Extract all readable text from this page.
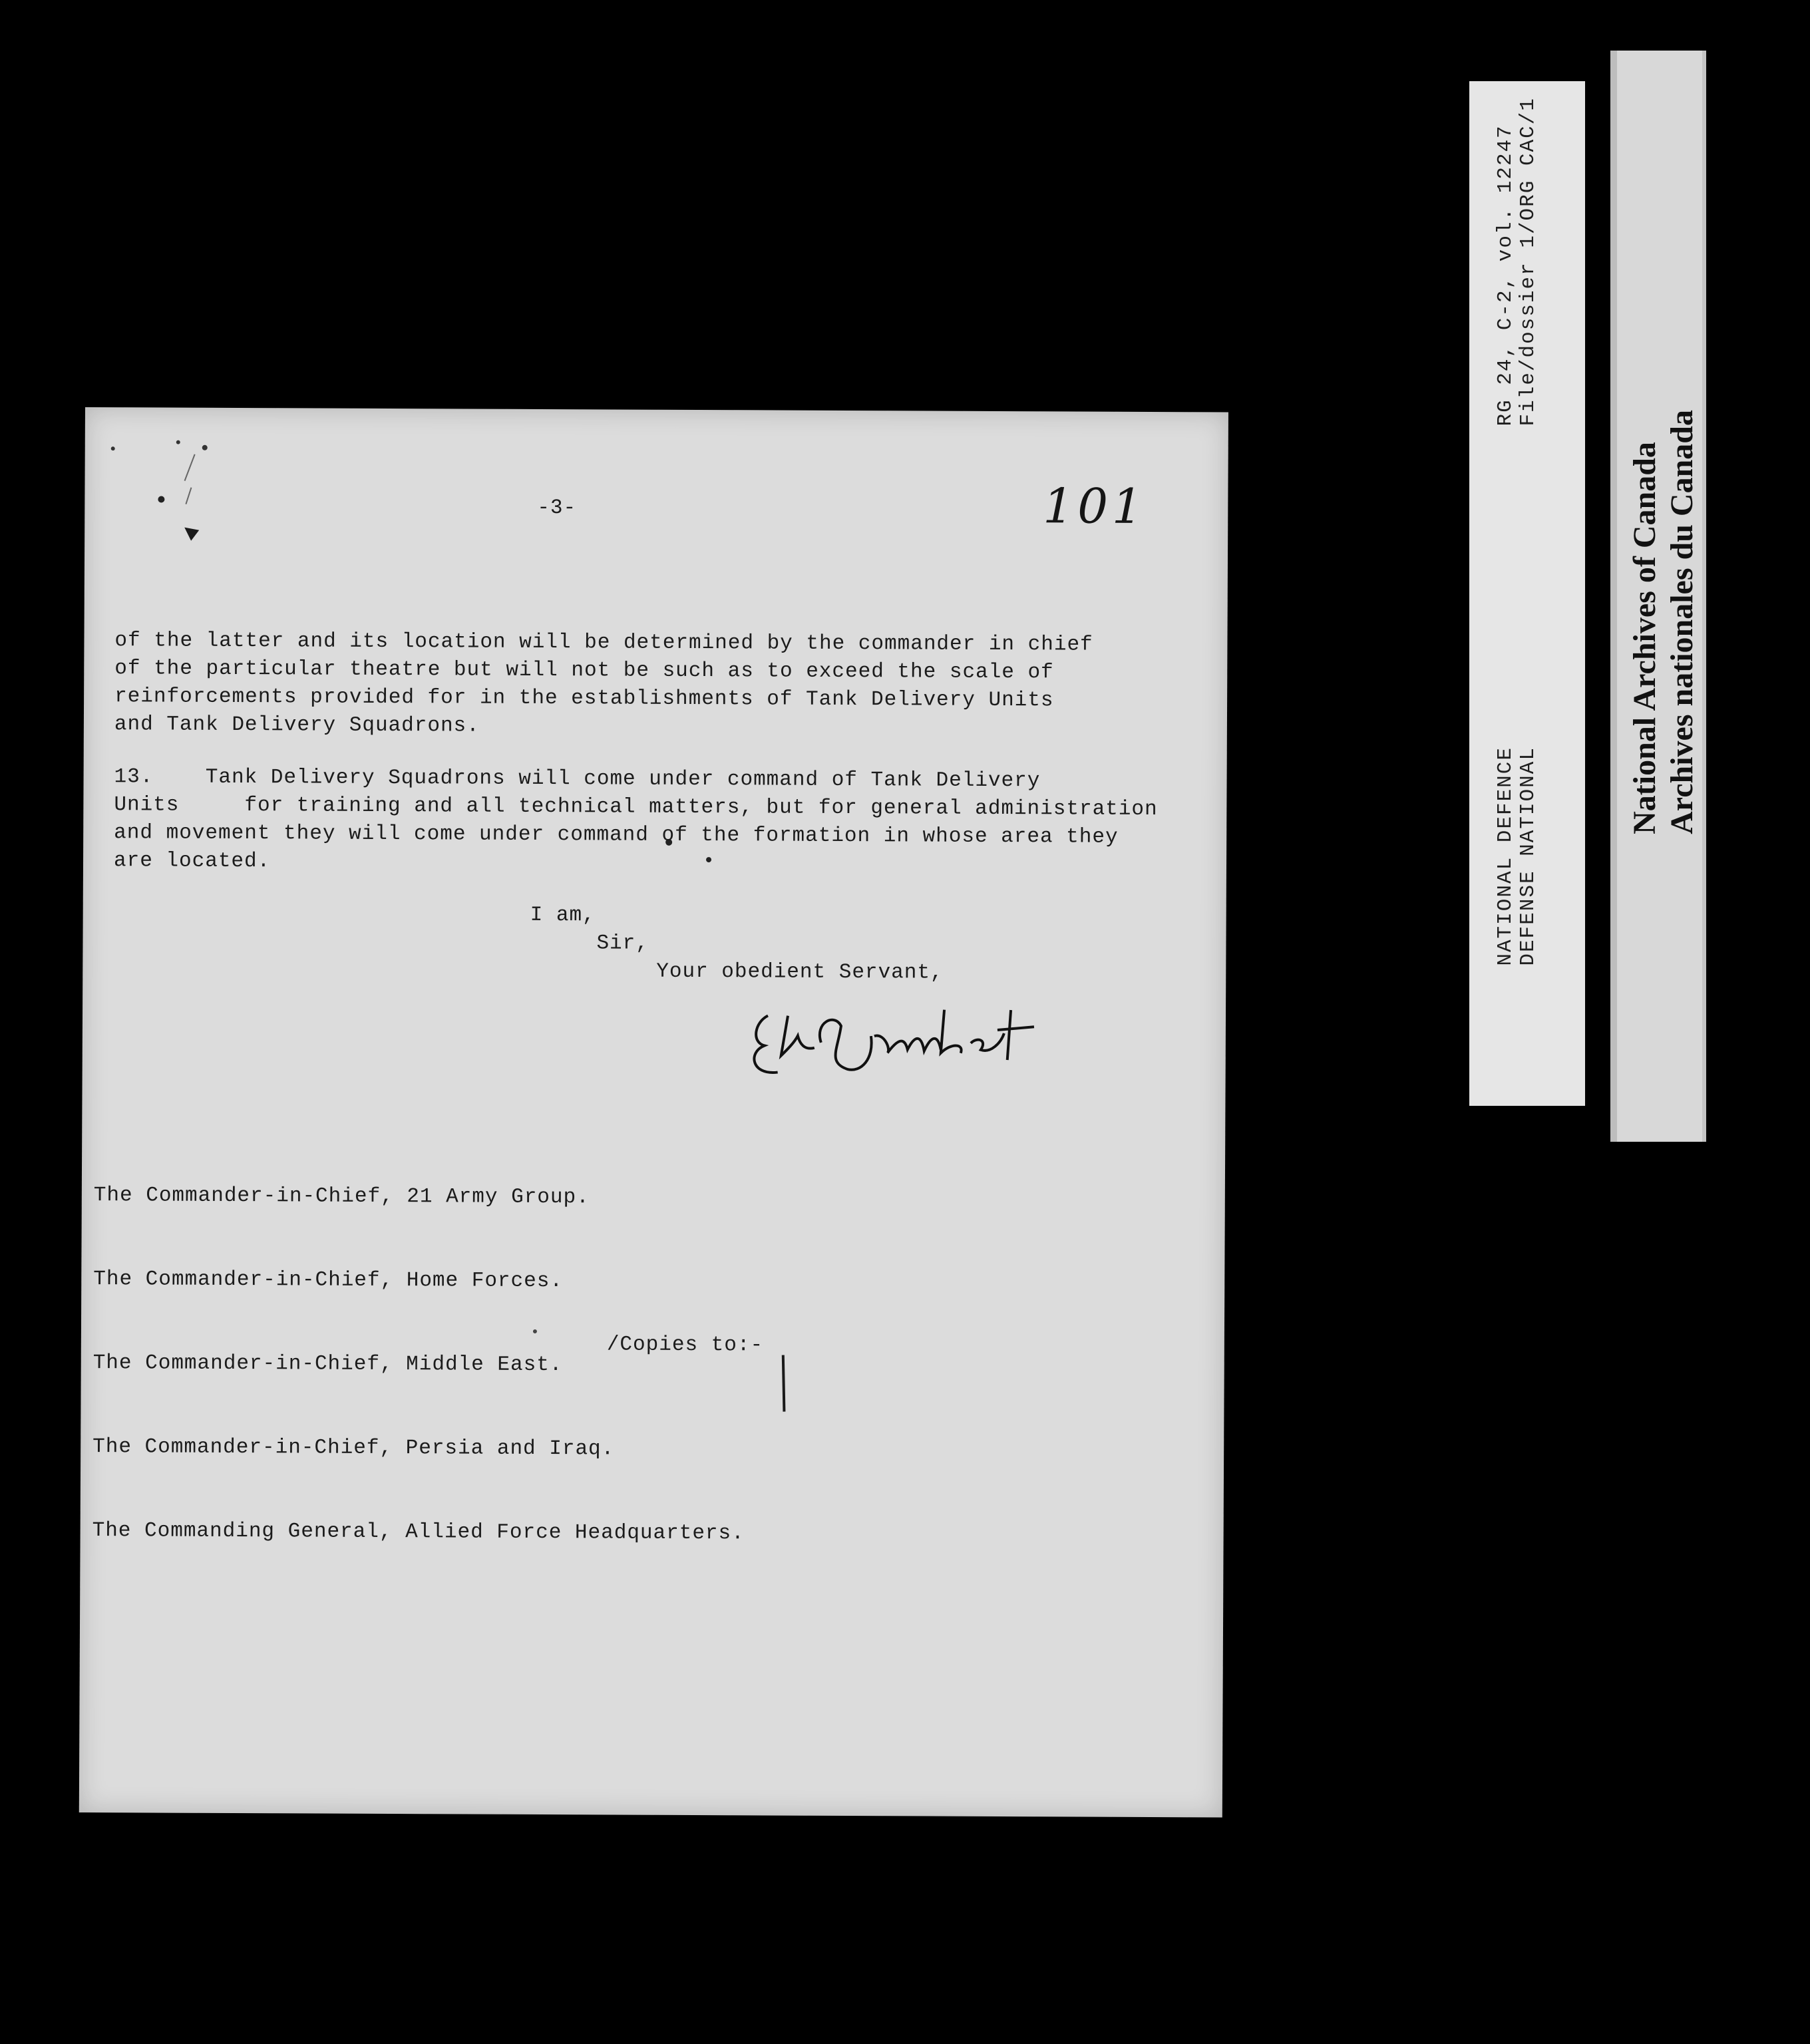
-3-	101
of the latter and its location will be determined by the commander in chief
of the particular theatre but will not be such as to exceed the scale of
reinforcements provided for in the establishments of Tank Delivery Units
and Tank Delivery Squadrons.
13.    Tank Delivery Squadrons will come under command of Tank Delivery
Units     for training and all technical matters, but for general administration
and movement they will come under command of the formation in whose area they
are located.
I am,
Sir,
Your obedient Servant,

The Commander-in-Chief, 21 Army Group.

The Commander-in-Chief, Home Forces.

The Commander-in-Chief, Middle East.

The Commander-in-Chief, Persia and Iraq.

The Commanding General, Allied Force Headquarters.

/Copies to:-
RG 24, C-2, vol. 12247
File/dossier 1/ORG CAC/1
NATIONAL DEFENCE
DEFENSE NATIONAL	National Archives of Canada
Archives nationales du Canada
